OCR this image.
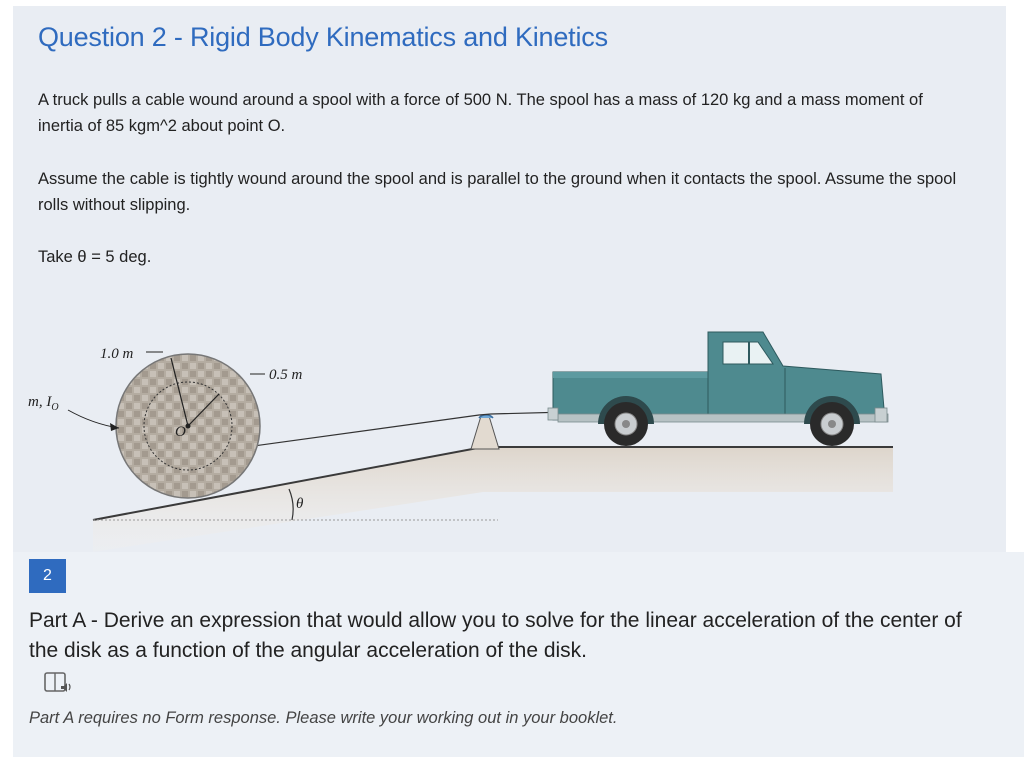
Question 2 - Rigid Body Kinematics and Kinetics
A truck pulls a cable wound around a spool with a force of 500 N. The spool has a mass of 120 kg and a mass moment of inertia of 85 kgm^2 about point O.
Assume the cable is tightly wound around the spool and is parallel to the ground when it contacts the spool. Assume the spool rolls without slipping.
Take θ = 5 deg.
θ
O
1.0 m
0.5 m
m, $I_O$
2
Part A - Derive an expression that would allow you to solve for the linear acceleration of the center of the disk as a function of the angular acceleration of the disk.
Part A requires no Form response. Please write your working out in your booklet.
